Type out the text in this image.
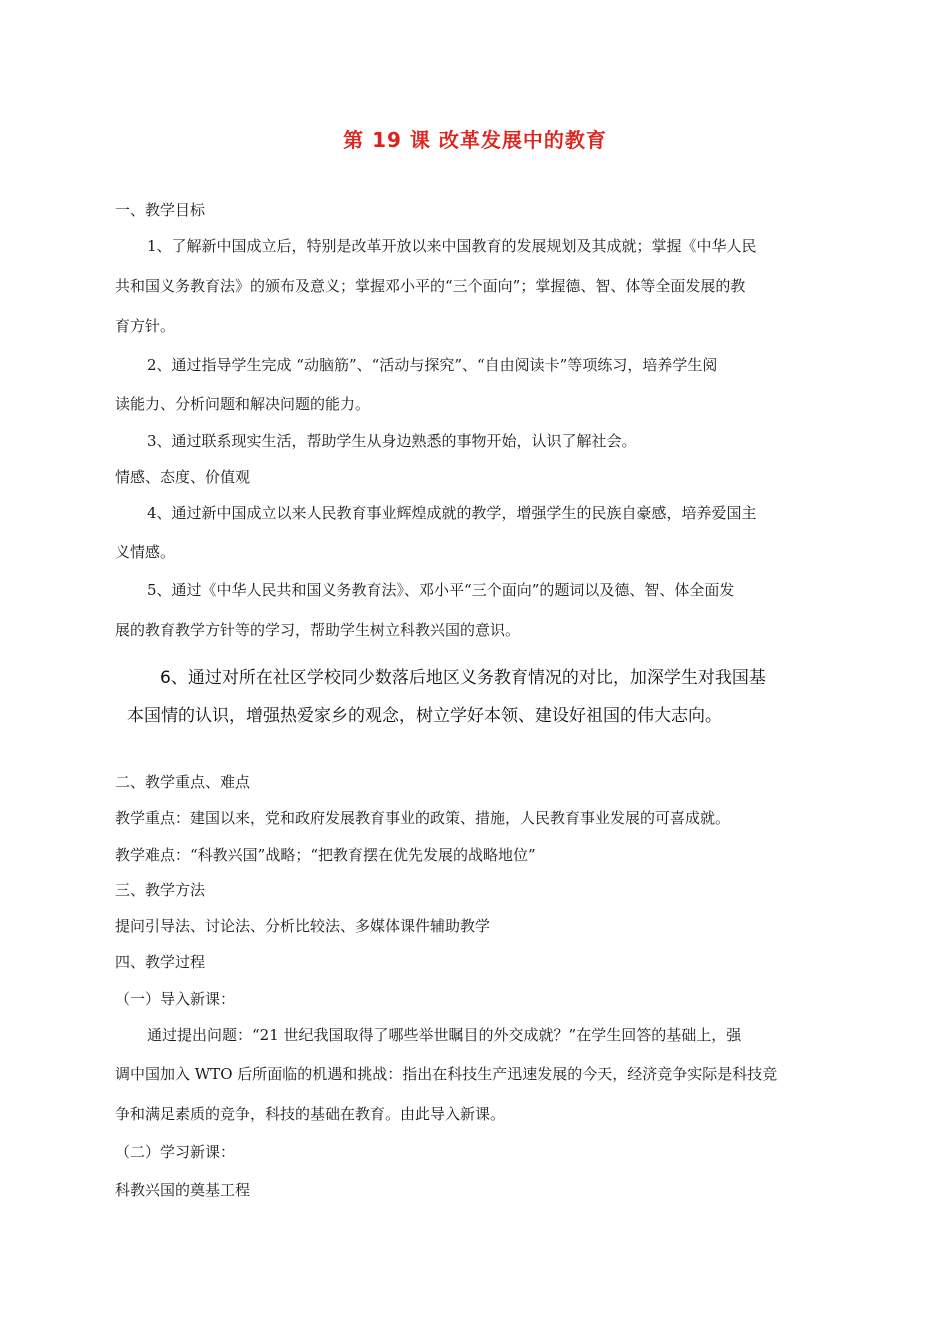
第 19 课 改革发展中的教育
一、教学目标
1、了解新中国成立后，特别是改革开放以来中国教育的发展规划及其成就；掌握《中华人民
共和国义务教育法》的颁布及意义；掌握邓小平的“三个面向”；掌握德、智、体等全面发展的教
育方针。
2、通过指导学生完成 “动脑筋”、“活动与探究”、“自由阅读卡”等项练习，培养学生阅
读能力、分析问题和解决问题的能力。
3、通过联系现实生活，帮助学生从身边熟悉的事物开始，认识了解社会。
情感、态度、价值观
4、通过新中国成立以来人民教育事业辉煌成就的教学，增强学生的民族自豪感，培养爱国主
义情感。
5、通过《中华人民共和国义务教育法》、邓小平“三个面向”的题词以及德、智、体全面发
展的教育教学方针等的学习，帮助学生树立科教兴国的意识。
6、通过对所在社区学校同少数落后地区义务教育情况的对比，加深学生对我国基
本国情的认识，增强热爱家乡的观念，树立学好本领、建设好祖国的伟大志向。
二、教学重点、难点
教学重点：建国以来，党和政府发展教育事业的政策、措施，人民教育事业发展的可喜成就。
教学难点：“科教兴国”战略；“把教育摆在优先发展的战略地位”
三、教学方法
提问引导法、讨论法、分析比较法、多媒体课件辅助教学
四、教学过程
（一）导入新课：
通过提出问题：“21 世纪我国取得了哪些举世瞩目的外交成就？”在学生回答的基础上，强
调中国加入 WTO 后所面临的机遇和挑战：指出在科技生产迅速发展的今天，经济竞争实际是科技竞
争和满足素质的竞争，科技的基础在教育。由此导入新课。
（二）学习新课：
科教兴国的奠基工程
